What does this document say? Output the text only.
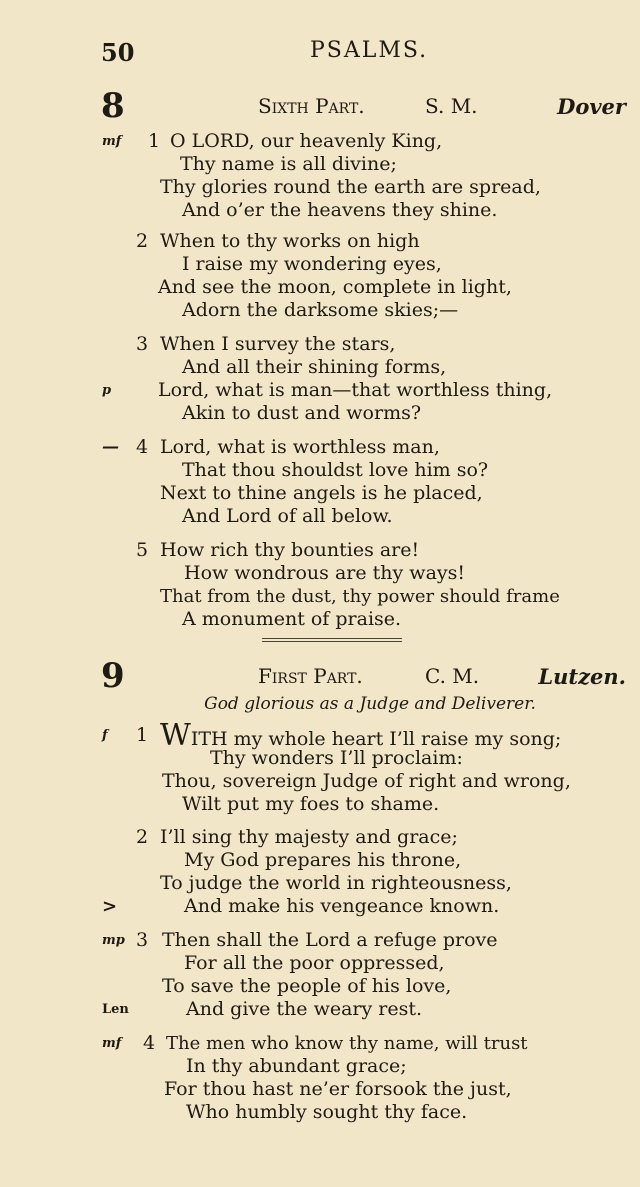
50	PSALMS.
8	Sixth Part.	S. M.	Dover
mf 1 O LORD, our heavenly King,
Thy name is all divine;
Thy glories round the earth are spread,
And o’er the heavens they shine.
2 When to thy works on high
I raise my wondering eyes,
And see the moon, complete in light,
Adorn the darksome skies;—
3 When I survey the stars,
And all their shining forms,
p Lord, what is man—that worthless thing,
Akin to dust and worms?
— 4 Lord, what is worthless man,
That thou shouldst love him so?
Next to thine angels is he placed,
And Lord of all below.
5 How rich thy bounties are!
How wondrous are thy ways!
That from the dust, thy power should frame
A monument of praise.
9	First Part.	C. M.	Lutzen.
God glorious as a Judge and Deliverer.
f 1 WITH my whole heart I’ll raise my song;
Thy wonders I’ll proclaim:
Thou, sovereign Judge of right and wrong,
Wilt put my foes to shame.
2 I’ll sing thy majesty and grace;
My God prepares his throne,
To judge the world in righteousness,
>	And make his vengeance known.
mp 3 Then shall the Lord a refuge prove
For all the poor oppressed,
To save the people of his love,
Len	And give the weary rest.
mf 4 The men who know thy name, will trust
In thy abundant grace;
For thou hast ne’er forsook the just,
Who humbly sought thy face.
